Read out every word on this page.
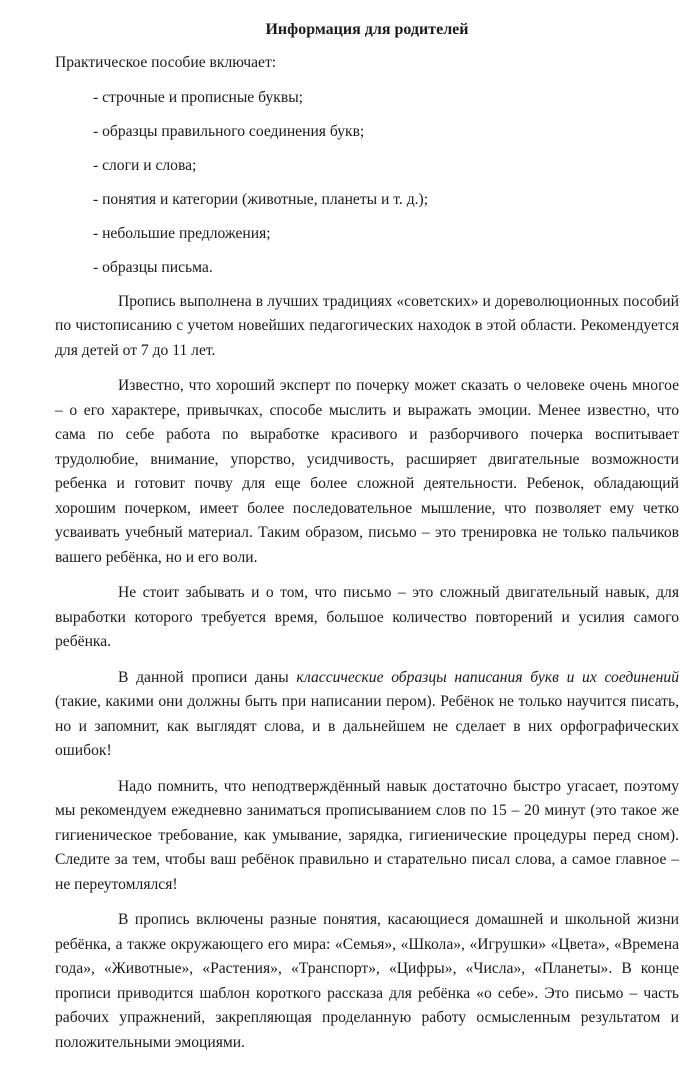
Информация для родителей

Практическое пособие включает:

- строчные и прописные буквы;
- образцы правильного соединения букв;
- слоги и слова;
- понятия и категории (животные, планеты и т. д.);
- небольшие предложения;
- образцы письма.

Пропись выполнена в лучших традициях «советских» и дореволюционных пособий по чистописанию с учетом новейших педагогических находок в этой области. Рекомендуется для детей от 7 до 11 лет.

Известно, что хороший эксперт по почерку может сказать о человеке очень многое – о его характере, привычках, способе мыслить и выражать эмоции. Менее известно, что сама по себе работа по выработке красивого и разборчивого почерка воспитывает трудолюбие, внимание, упорство, усидчивость, расширяет двигательные возможности ребенка и готовит почву для еще более сложной деятельности. Ребенок, обладающий хорошим почерком, имеет более последовательное мышление, что позволяет ему четко усваивать учебный материал. Таким образом, письмо – это тренировка не только пальчиков вашего ребёнка, но и его воли.

Не стоит забывать и о том, что письмо – это сложный двигательный навык, для выработки которого требуется время, большое количество повторений и усилия самого ребёнка.

В данной прописи даны классические образцы написания букв и их соединений (такие, какими они должны быть при написании пером). Ребёнок не только научится писать, но и запомнит, как выглядят слова, и в дальнейшем не сделает в них орфографических ошибок!

Надо помнить, что неподтверждённый навык достаточно быстро угасает, поэтому мы рекомендуем ежедневно заниматься прописыванием слов по 15 – 20 минут (это такое же гигиеническое требование, как умывание, зарядка, гигиенические процедуры перед сном). Следите за тем, чтобы ваш ребёнок правильно и старательно писал слова, а самое главное – не переутомлялся!

В пропись включены разные понятия, касающиеся домашней и школьной жизни ребёнка, а также окружающего его мира: «Семья», «Школа», «Игрушки» «Цвета», «Времена года», «Животные», «Растения», «Транспорт», «Цифры», «Числа», «Планеты». В конце прописи приводится шаблон короткого рассказа для ребёнка «о себе». Это письмо – часть рабочих упражнений, закрепляющая проделанную работу осмысленным результатом и положительными эмоциями.
